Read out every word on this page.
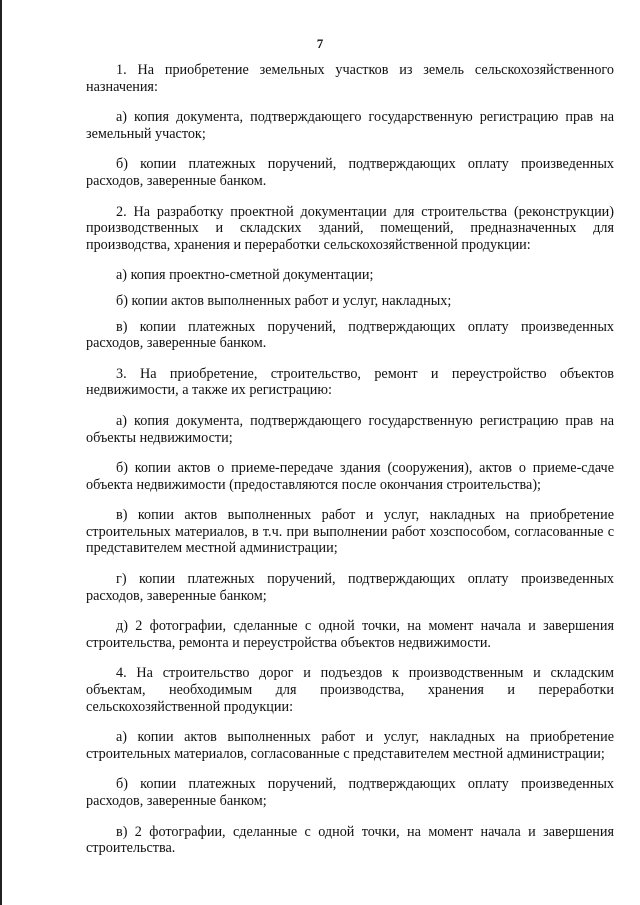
7

1. На приобретение земельных участков из земель сельскохозяйственного назначения:

а) копия документа, подтверждающего государственную регистрацию прав на земельный участок;

б) копии платежных поручений, подтверждающих оплату произведенных расходов, заверенные банком.

2. На разработку проектной документации для строительства (реконструкции) производственных и складских зданий, помещений, предназначенных для производства, хранения и переработки сельскохозяйственной продукции:

а) копия проектно-сметной документации;

б) копии актов выполненных работ и услуг, накладных;

в) копии платежных поручений, подтверждающих оплату произведенных расходов, заверенные банком.

3. На приобретение, строительство, ремонт и переустройство объектов недвижимости, а также их регистрацию:

а) копия документа, подтверждающего государственную регистрацию прав на объекты недвижимости;

б) копии актов о приеме-передаче здания (сооружения), актов о приеме-сдаче объекта недвижимости (предоставляются после окончания строительства);

в) копии актов выполненных работ и услуг, накладных на приобретение строительных материалов, в т.ч. при выполнении работ хозспособом, согласованные с представителем местной администрации;

г) копии платежных поручений, подтверждающих оплату произведенных расходов, заверенные банком;

д) 2 фотографии, сделанные с одной точки, на момент начала и завершения строительства, ремонта и переустройства объектов недвижимости.

4. На строительство дорог и подъездов к производственным и складским объектам, необходимым для производства, хранения и переработки сельскохозяйственной продукции:

а) копии актов выполненных работ и услуг, накладных на приобретение строительных материалов, согласованные с представителем местной администрации;

б) копии платежных поручений, подтверждающих оплату произведенных расходов, заверенные банком;

в) 2 фотографии, сделанные с одной точки, на момент начала и завершения строительства.
